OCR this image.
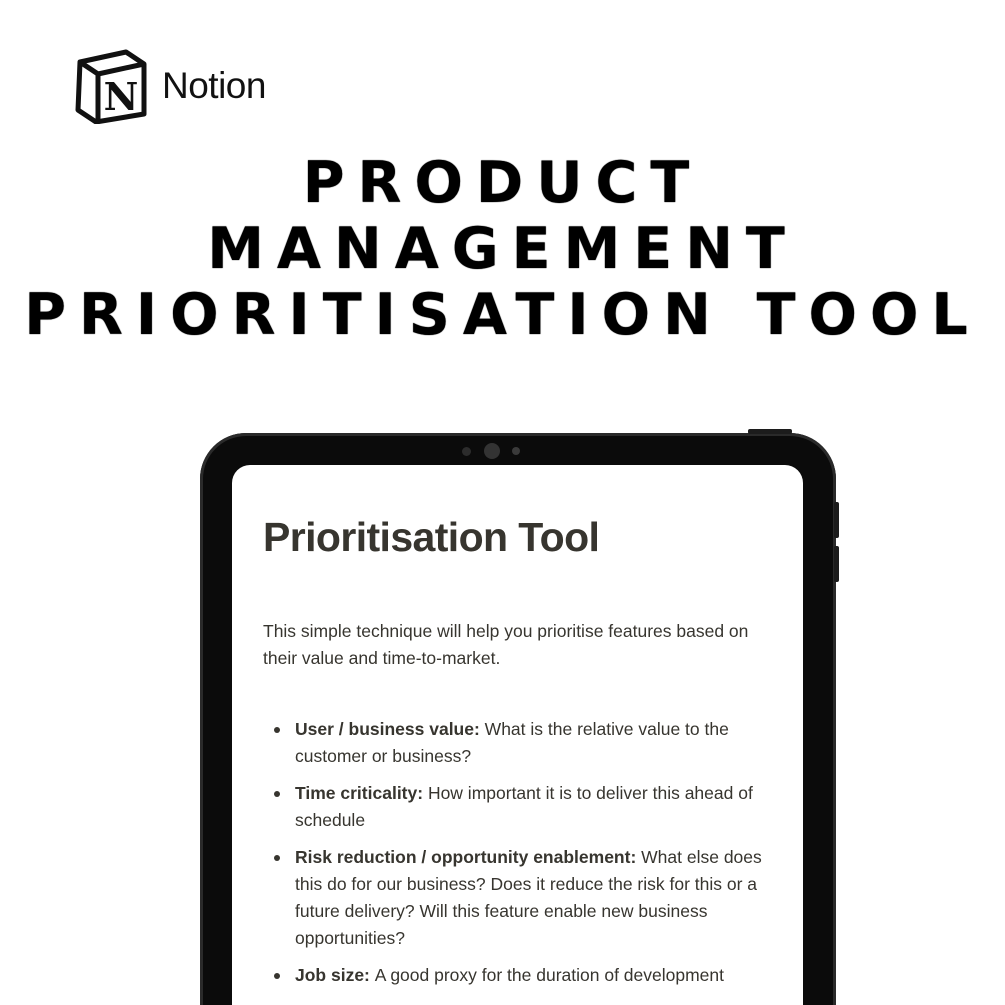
N Notion
PRODUCT
MANAGEMENT
PRIORITISATION TOOL
Prioritisation Tool
This simple technique will help you prioritise features based on their value and time-to-market.
User / business value: What is the relative value to the customer or business?
Time criticality: How important it is to deliver this ahead of schedule
Risk reduction / opportunity enablement: What else does this do for our business? Does it reduce the risk for this or a future delivery? Will this feature enable new business opportunities?
Job size: A good proxy for the duration of development
